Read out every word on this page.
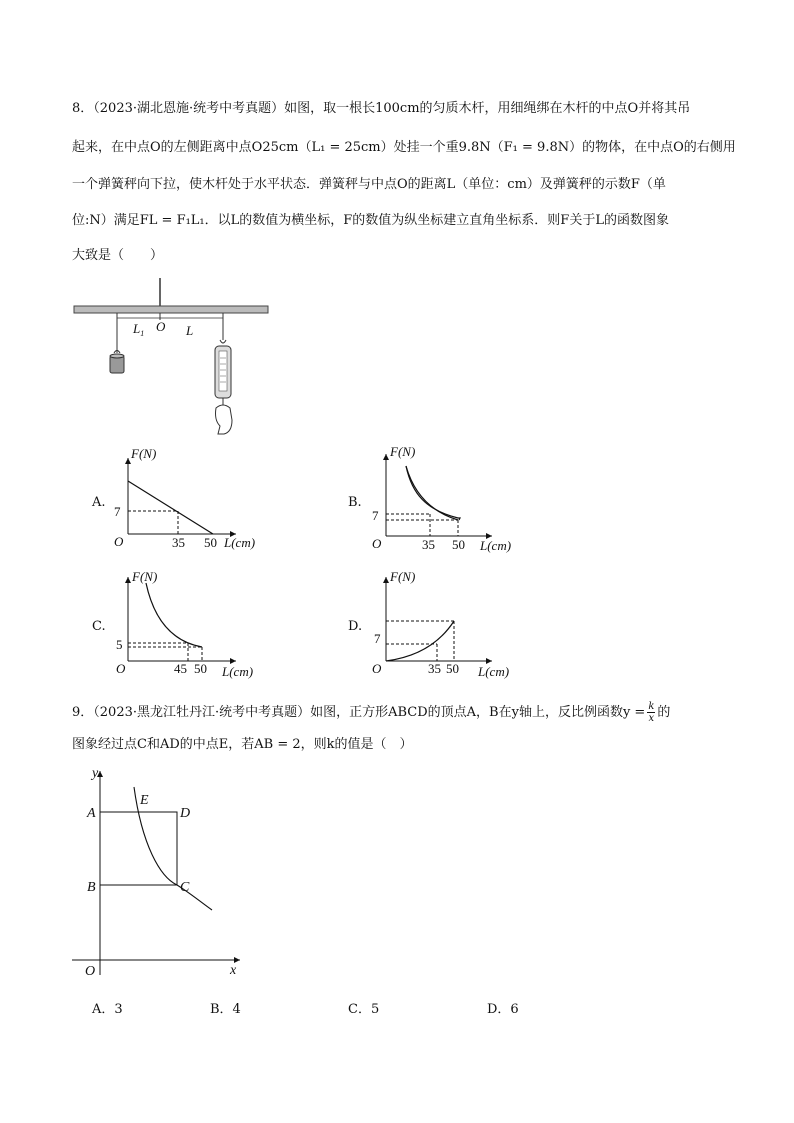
8．（2023·湖北恩施·统考中考真题）如图，取一根长100cm的匀质木杆，用细绳绑在木杆的中点O并将其吊
起来，在中点O的左侧距离中点O25cm（L₁ = 25cm）处挂一个重9.8N（F₁ = 9.8N）的物体，在中点O的右侧用
一个弹簧秤向下拉，使木杆处于水平状态．弹簧秤与中点O的距离L（单位：cm）及弹簧秤的示数F（单
位:N）满足FL = F₁L₁．以L的数值为横坐标，F的数值为纵坐标建立直角坐标系．则F关于L的函数图象
大致是（　　）
$L_1$ O L
A.
F(N)
7
O	35 50 L(cm)
B.
F(N)
7
O	35 50 L(cm)
C.
F(N)
5
O	45 50 L(cm)
D.
F(N)
7
O	35 50 L(cm)
9．（2023·黑龙江牡丹江·统考中考真题）如图，正方形ABCD的顶点A，B在y轴上，反比例函数$y = \frac{k}{x}$ 的
图象经过点C和AD的中点E，若AB = 2，则k的值是（　）
y
x
O
A
B	C
D
E
A．3	B．4	C．5	D．6
